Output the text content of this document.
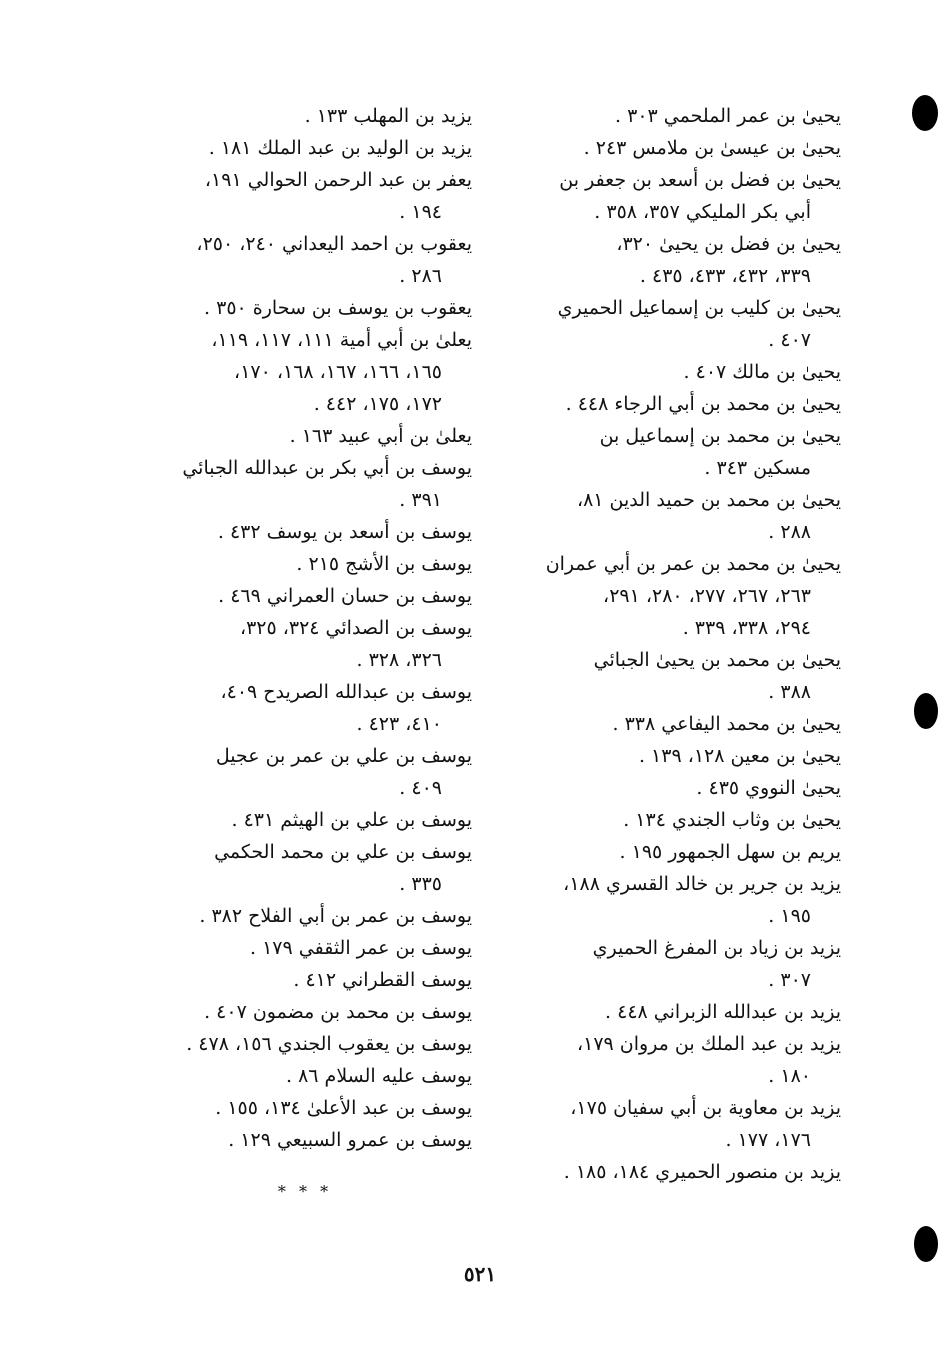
يحيىٰ بن عمر الملحمي ٣٠٣ .
يحيىٰ بن عيسىٰ بن ملامس ٢٤٣ .
يحيىٰ بن فضل بن أسعد بن جعفر بن
أبي بكر المليكي ٣٥٧، ٣٥٨ .
يحيىٰ بن فضل بن يحيىٰ ٣٢٠،
٣٣٩، ٤٣٢، ٤٣٣، ٤٣٥ .
يحيىٰ بن كليب بن إسماعيل الحميري
٤٠٧ .
يحيىٰ بن مالك ٤٠٧ .
يحيىٰ بن محمد بن أبي الرجاء ٤٤٨ .
يحيىٰ بن محمد بن إسماعيل بن
مسكين ٣٤٣ .
يحيىٰ بن محمد بن حميد الدين ٨١،
٢٨٨ .
يحيىٰ بن محمد بن عمر بن أبي عمران
٢٦٣، ٢٦٧، ٢٧٧، ٢٨٠، ٢٩١،
٢٩٤، ٣٣٨، ٣٣٩ .
يحيىٰ بن محمد بن يحيىٰ الجبائي
٣٨٨ .
يحيىٰ بن محمد اليفاعي ٣٣٨ .
يحيىٰ بن معين ١٢٨، ١٣٩ .
يحيىٰ النووي ٤٣٥ .
يحيىٰ بن وثاب الجندي ١٣٤ .
يريم بن سهل الجمهور ١٩٥ .
يزيد بن جرير بن خالد القسري ١٨٨،
١٩٥ .
يزيد بن زياد بن المفرغ الحميري
٣٠٧ .
يزيد بن عبدالله الزبراني ٤٤٨ .
يزيد بن عبد الملك بن مروان ١٧٩،
١٨٠ .
يزيد بن معاوية بن أبي سفيان ١٧٥،
١٧٦، ١٧٧ .
يزيد بن منصور الحميري ١٨٤، ١٨٥ .
يزيد بن المهلب ١٣٣ .
يزيد بن الوليد بن عبد الملك ١٨١ .
يعفر بن عبد الرحمن الحوالي ١٩١،
١٩٤ .
يعقوب بن احمد اليعداني ٢٤٠، ٢٥٠،
٢٨٦ .
يعقوب بن يوسف بن سحارة ٣٥٠ .
يعلىٰ بن أبي أمية ١١١، ١١٧، ١١٩،
١٦٥، ١٦٦، ١٦٧، ١٦٨، ١٧٠،
١٧٢، ١٧٥، ٤٤٢ .
يعلىٰ بن أبي عبيد ١٦٣ .
يوسف بن أبي بكر بن عبدالله الجبائي
٣٩١ .
يوسف بن أسعد بن يوسف ٤٣٢ .
يوسف بن الأشج ٢١٥ .
يوسف بن حسان العمراني ٤٦٩ .
يوسف بن الصدائي ٣٢٤، ٣٢٥،
٣٢٦، ٣٢٨ .
يوسف بن عبدالله الصريدح ٤٠٩،
٤١٠، ٤٢٣ .
يوسف بن علي بن عمر بن عجيل
٤٠٩ .
يوسف بن علي بن الهيثم ٤٣١ .
يوسف بن علي بن محمد الحكمي
٣٣٥ .
يوسف بن عمر بن أبي الفلاح ٣٨٢ .
يوسف بن عمر الثقفي ١٧٩ .
يوسف القطراني ٤١٢ .
يوسف بن محمد بن مضمون ٤٠٧ .
يوسف بن يعقوب الجندي ١٥٦، ٤٧٨ .
يوسف عليه السلام ٨٦ .
يوسف بن عبد الأعلىٰ ١٣٤، ١٥٥ .
يوسف بن عمرو السبيعي ١٢٩ .
* * *
٥٢١
